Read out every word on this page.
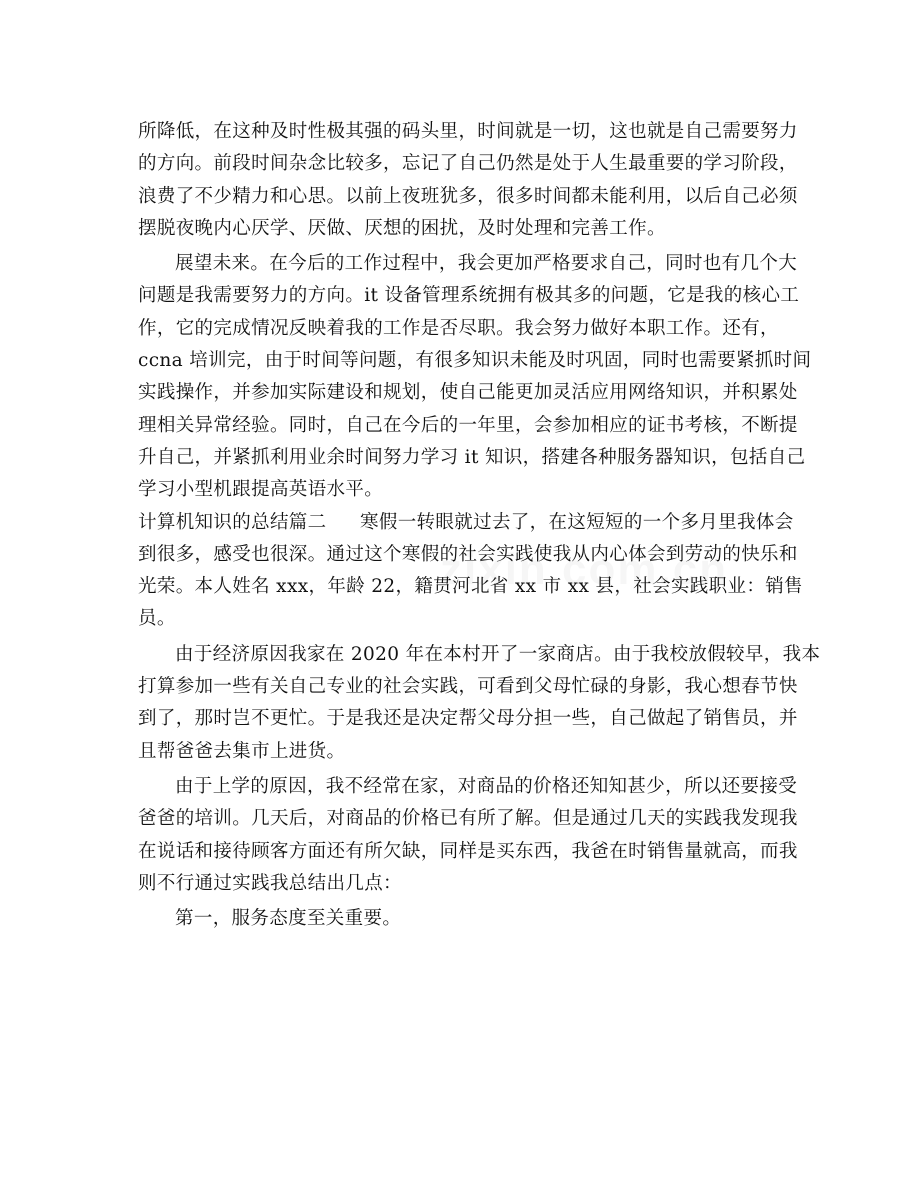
所降低，在这种及时性极其强的码头里，时间就是一切，这也就是自己需要努力
的方向。前段时间杂念比较多，忘记了自己仍然是处于人生最重要的学习阶段，
浪费了不少精力和心思。以前上夜班犹多，很多时间都未能利用，以后自己必须
摆脱夜晚内心厌学、厌做、厌想的困扰，及时处理和完善工作。
展望未来。在今后的工作过程中，我会更加严格要求自己，同时也有几个大
问题是我需要努力的方向。it 设备管理系统拥有极其多的问题，它是我的核心工
作，它的完成情况反映着我的工作是否尽职。我会努力做好本职工作。还有，
ccna 培训完，由于时间等问题，有很多知识未能及时巩固，同时也需要紧抓时间
实践操作，并参加实际建设和规划，使自己能更加灵活应用网络知识，并积累处
理相关异常经验。同时，自己在今后的一年里，会参加相应的证书考核，不断提
升自己，并紧抓利用业余时间努力学习 it 知识，搭建各种服务器知识，包括自己
学习小型机跟提高英语水平。
计算机知识的总结篇二 寒假一转眼就过去了，在这短短的一个多月里我体会
到很多，感受也很深。通过这个寒假的社会实践使我从内心体会到劳动的快乐和
光荣。本人姓名 xxx，年龄 22，籍贯河北省 xx 市 xx 县，社会实践职业：销售
员。
由于经济原因我家在 2020 年在本村开了一家商店。由于我校放假较早，我本
打算参加一些有关自己专业的社会实践，可看到父母忙碌的身影，我心想春节快
到了，那时岂不更忙。于是我还是决定帮父母分担一些，自己做起了销售员，并
且帮爸爸去集市上进货。
由于上学的原因，我不经常在家，对商品的价格还知知甚少，所以还要接受
爸爸的培训。几天后，对商品的价格已有所了解。但是通过几天的实践我发现我
在说话和接待顾客方面还有所欠缺，同样是买东西，我爸在时销售量就高，而我
则不行通过实践我总结出几点：
第一，服务态度至关重要。
